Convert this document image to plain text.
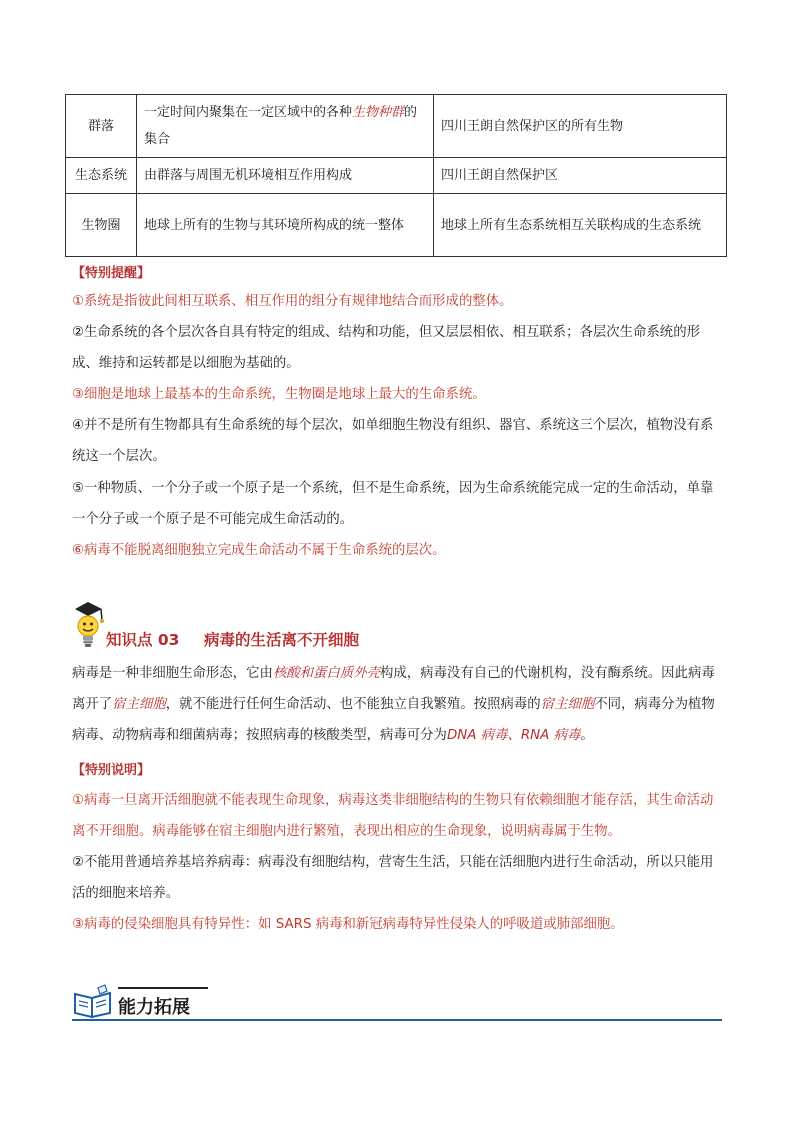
群落	一定时间内聚集在一定区域中的各种生物种群的集合	四川王朗自然保护区的所有生物
生态系统	由群落与周围无机环境相互作用构成	四川王朗自然保护区
生物圈	地球上所有的生物与其环境所构成的统一整体	地球上所有生态系统相互关联构成的生态系统
【特别提醒】
①系统是指彼此间相互联系、相互作用的组分有规律地结合而形成的整体。
②生命系统的各个层次各自具有特定的组成、结构和功能，但又层层相依、相互联系；各层次生命系统的形成、维持和运转都是以细胞为基础的。
③细胞是地球上最基本的生命系统，生物圈是地球上最大的生命系统。
④并不是所有生物都具有生命系统的每个层次，如单细胞生物没有组织、器官、系统这三个层次，植物没有系统这一个层次。
⑤一种物质、一个分子或一个原子是一个系统，但不是生命系统，因为生命系统能完成一定的生命活动，单靠一个分子或一个原子是不可能完成生命活动的。
⑥病毒不能脱离细胞独立完成生命活动不属于生命系统的层次。
知识点 03 病毒的生活离不开细胞
病毒是一种非细胞生命形态，它由核酸和蛋白质外壳构成，病毒没有自己的代谢机构，没有酶系统。因此病毒离开了宿主细胞，就不能进行任何生命活动、也不能独立自我繁殖。按照病毒的宿主细胞不同，病毒分为植物病毒、动物病毒和细菌病毒；按照病毒的核酸类型，病毒可分为DNA 病毒、RNA 病毒。
【特别说明】
①病毒一旦离开活细胞就不能表现生命现象，病毒这类非细胞结构的生物只有依赖细胞才能存活，其生命活动离不开细胞。病毒能够在宿主细胞内进行繁殖，表现出相应的生命现象，说明病毒属于生物。
②不能用普通培养基培养病毒：病毒没有细胞结构，营寄生生活，只能在活细胞内进行生命活动，所以只能用活的细胞来培养。
③病毒的侵染细胞具有特异性：如 SARS 病毒和新冠病毒特异性侵染人的呼吸道或肺部细胞。
能力拓展
